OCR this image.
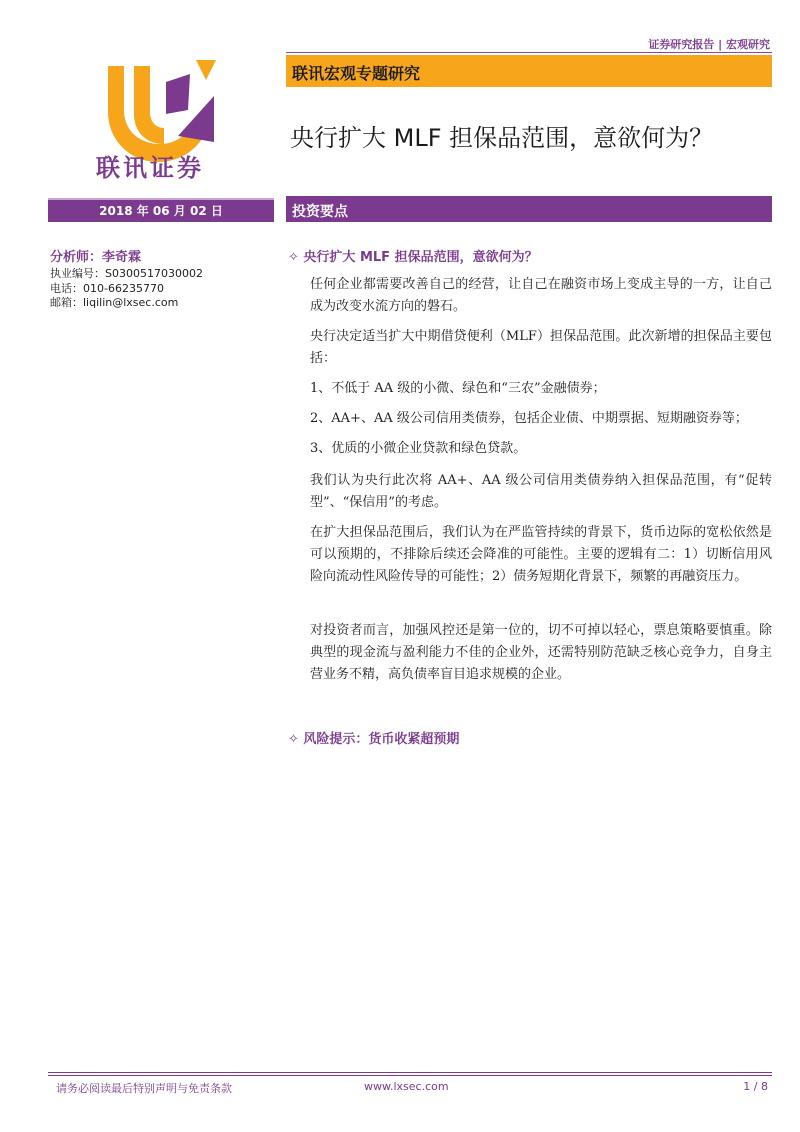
证券研究报告 | 宏观研究
联讯证券
联讯宏观专题研究
央行扩大 MLF 担保品范围，意欲何为？
2018 年 06 月 02 日	投资要点
分析师：李奇霖
执业编号：S0300517030002
电话：010-66235770
邮箱：liqilin@lxsec.com
✧ 央行扩大 MLF 担保品范围，意欲何为？
任何企业都需要改善自己的经营，让自己在融资市场上变成主导的一方，让自己成为改变水流方向的磐石。
央行决定适当扩大中期借贷便利（MLF）担保品范围。此次新增的担保品主要包括：
1、不低于 AA 级的小微、绿色和“三农”金融债券；
2、AA+、AA 级公司信用类债券，包括企业债、中期票据、短期融资券等；
3、优质的小微企业贷款和绿色贷款。
我们认为央行此次将 AA+、AA 级公司信用类债券纳入担保品范围，有“促转型”、“保信用”的考虑。
在扩大担保品范围后，我们认为在严监管持续的背景下，货币边际的宽松依然是可以预期的，不排除后续还会降准的可能性。主要的逻辑有二：1）切断信用风险向流动性风险传导的可能性；2）债务短期化背景下，频繁的再融资压力。
对投资者而言，加强风控还是第一位的，切不可掉以轻心，票息策略要慎重。除典型的现金流与盈利能力不佳的企业外，还需特别防范缺乏核心竞争力，自身主营业务不精，高负债率盲目追求规模的企业。
✧ 风险提示：货币收紧超预期
请务必阅读最后特别声明与免责条款	www.lxsec.com	1 / 8
